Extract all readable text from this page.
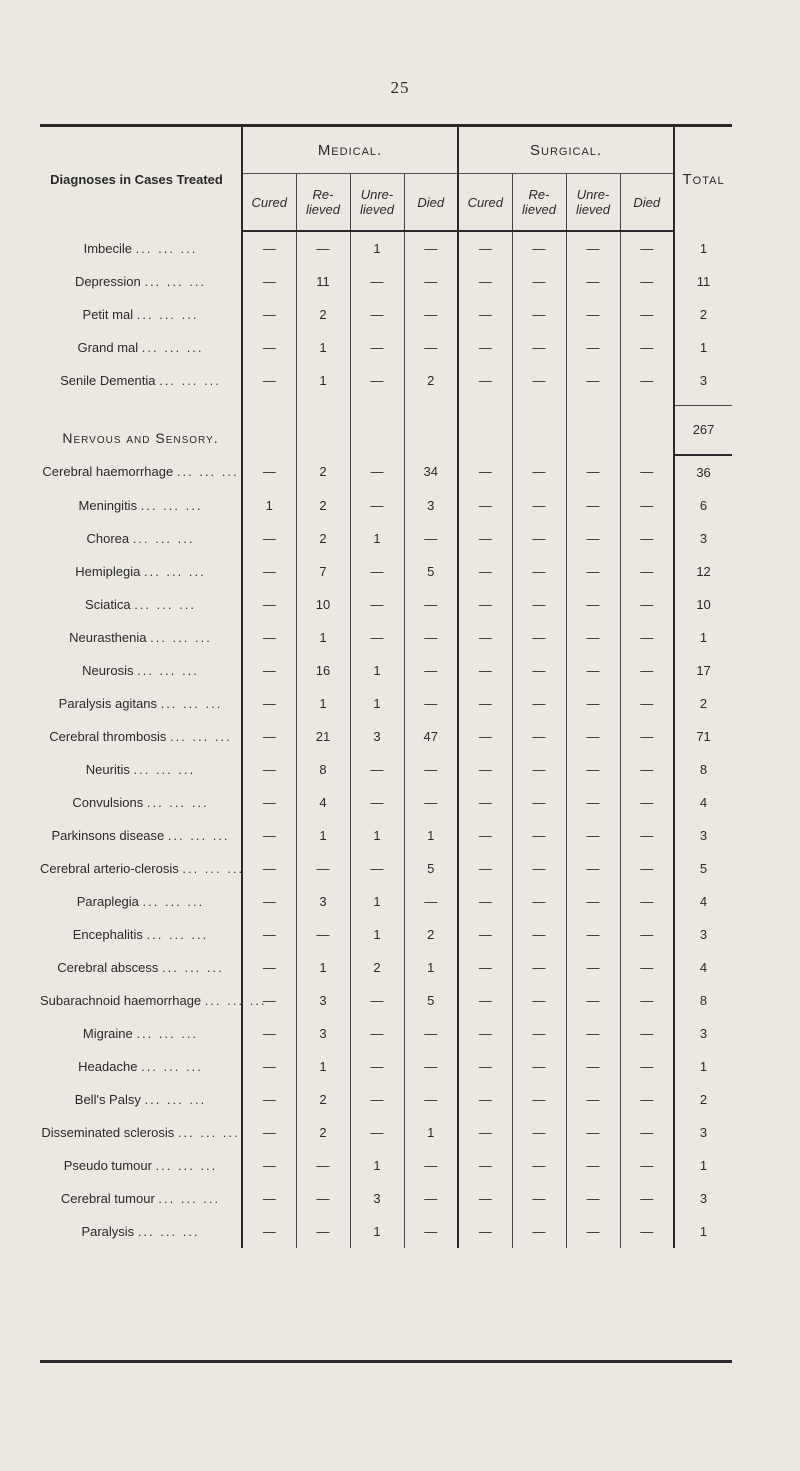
25
Diagnoses in Cases Treated	Medical.				Surgical.				Total
	Cured	Re- lieved	Unre- lieved	Died	Cured	Re- lieved	Unre- lieved	Died	
Imbecile ... ... ...	—	—	1	—	—	—	—	—	1
Depression ... ... ...	—	11	—	—	—	—	—	—	11
Petit mal ... ... ...	—	2	—	—	—	—	—	—	2
Grand mal ... ... ...	—	1	—	—	—	—	—	—	1
Senile Dementia ... ... ...	—	1	—	2	—	—	—	—	3

Nervous and Sensory.									267
Cerebral haemorrhage ... ... ...	—	2	—	34	—	—	—	—	36
Meningitis ... ... ...	1	2	—	3	—	—	—	—	6
Chorea ... ... ...	—	2	1	—	—	—	—	—	3
Hemiplegia ... ... ...	—	7	—	5	—	—	—	—	12
Sciatica ... ... ...	—	10	—	—	—	—	—	—	10
Neurasthenia ... ... ...	—	1	—	—	—	—	—	—	1
Neurosis ... ... ...	—	16	1	—	—	—	—	—	17
Paralysis agitans ... ... ...	—	1	1	—	—	—	—	—	2
Cerebral thrombosis ... ... ...	—	21	3	47	—	—	—	—	71
Neuritis ... ... ...	—	8	—	—	—	—	—	—	8
Convulsions ... ... ...	—	4	—	—	—	—	—	—	4
Parkinsons disease ... ... ...	—	1	1	1	—	—	—	—	3
Cerebral arterio-clerosis ... ... ...	—	—	—	5	—	—	—	—	5
Paraplegia ... ... ...	—	3	1	—	—	—	—	—	4
Encephalitis ... ... ...	—	—	1	2	—	—	—	—	3
Cerebral abscess ... ... ...	—	1	2	1	—	—	—	—	4
Subarachnoid haemorrhage ... ... ...	—	3	—	5	—	—	—	—	8
Migraine ... ... ...	—	3	—	—	—	—	—	—	3
Headache ... ... ...	—	1	—	—	—	—	—	—	1
Bell's Palsy ... ... ...	—	2	—	—	—	—	—	—	2
Disseminated sclerosis ... ... ...	—	2	—	1	—	—	—	—	3
Pseudo tumour ... ... ...	—	—	1	—	—	—	—	—	1
Cerebral tumour ... ... ...	—	—	3	—	—	—	—	—	3
Paralysis ... ... ...	—	—	1	—	—	—	—	—	1
